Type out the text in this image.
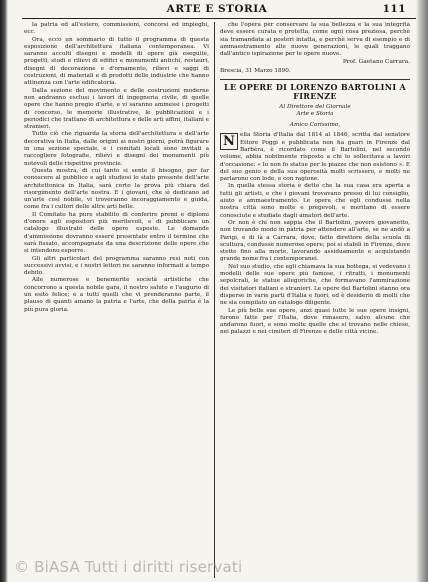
ARTE E STORIA	111

la patria ed all'estero, commissioni, concorsi ed impieghi, ecc.

Ora, ecco un sommario di tutto il programma di questa esposizione dell'architettura italiana contemporanea. Vi saranno accolti disegni e modelli di opere già eseguite, progetti, studi e rilievi di edifici e monumenti antichi, restauri, disegni di decorazione e d'ornamento, rilievi e saggi di costruzioni, di materiali e di prodotti delle industrie che hanno attinenza con l'arte edificatoria.

Dalla sezione del movimento e delle costruzioni moderne non andranno esclusi i lavori di ingegneria civile, di quelle opere che hanno pregio d'arte, e vi saranno ammessi i progetti di concorso, le memorie illustrative, le pubblicazioni e i periodici che trattano di architettura e delle arti affini, italiani e stranieri.

Tutto ciò che riguarda la storia dell'architettura e dell'arte decorativa in Italia, dalle origini ai nostri giorni, potrà figurare in una sezione speciale, e i comitati locali sono invitati a raccogliere fotografie, rilievi e disegni dei monumenti più notevoli delle rispettive provincie.

Questa mostra, di cui tanto si sente il bisogno, per far conoscere al pubblico e agli studiosi lo stato presente dell'arte architettonica in Italia, sarà certo la prova più chiara del risorgimento dell'arte nostra. E i giovani, che si dedicano ad un'arte così nobile, vi troveranno incoraggiamento e guida, come fra i cultori delle altre arti belle.

Il Comitato ha pure stabilito di conferire premi e diplomi d'onore agli espositori più meritevoli, e di pubblicare un catalogo illustrato delle opere esposte. Le domande d'ammissione dovranno essere presentate entro il termine che sarà fissato, accompagnate da una descrizione delle opere che si intendono esporre.

Gli altri particolari del programma saranno resi noti con successivi avvisi, e i nostri lettori ne saranno informati a tempo debito.

Alle numerose e benemerite società artistiche che concorrono a questa nobile gara, il nostro saluto e l'augurio di un esito felice; e a tutti quelli che vi prenderanno parte, il plauso di quanti amano la patria e l'arte, che della patria è la più pura gloria.

che l'opera per conservare la sua bellezza e la sua integrità deve essere curata e protetta, come ogni cosa preziosa, perchè sia tramandata ai posteri intatta, e perchè serva di esempio e di ammaestramento alle nuove generazioni, le quali traggano dall'antico ispirazione per le opere nuove.

Prof. Gaetano Carrara.
Brescia, 31 Marzo 1890.
LE OPERE DI LORENZO BARTOLINI A FIRENZE
Al Direttore del Giornale
Arte e Storia
Amico Carissimo,

N ella Storia d'Italia dal 1814 al 1846, scritta dal senatore Ettore Poggi e pubblicata non ha guari in Firenze dal Barbèra, è ricordato come il Bartolini, nel secondo volume, abbia nobilmente risposto a chi lo sollecitava a lavori d'occasione: « Io non fo statue per le piazze che non esistono ». E del suo genio e della sua operosità molti scrissero, e molti ne parlarono con lode, e con ragione.

In quella stessa storia è detto che la sua casa era aperta a tutti gli artisti, e che i giovani trovavano presso di lui consiglio, aiuto e ammaestramento. Le opere che egli condusse nella nostra città sono molte e pregevoli, e meritano di essere conosciute e studiate dagli amatori dell'arte.

Or non è chi non sappia che il Bartolini, povero giovanetto, non trovando modo in patria per attendere all'arte, se ne andò a Parigi, e di là a Carrara, dove, fatto direttore della scuola di scultura, condusse numerose opere; poi si stabilì in Firenze, dove stette fino alla morte, lavorando assiduamente e acquistando grande nome fra i contemporanei.

Nel suo studio, che egli chiamava la sua bottega, si vedevano i modelli delle sue opere più famose, i ritratti, i monumenti sepolcrali, le statue allegoriche, che formavano l'ammirazione dei visitatori italiani e stranieri. Le opere del Bartolini stanno ora disperse in varie parti d'Italia e fuori, ed è desiderio di molti che ne sia compilato un catalogo diligente.

Le più belle sue opere, anzi quasi tutte le sue opere insigni, furono fatte per l'Italia, dove rimasero, salvo alcune che andarono fuori, e sono molte quelle che si trovano nelle chiese, nei palazzi e nei cimiteri di Firenze e delle città vicine.

© BiASA Tutti i diritti riservati
